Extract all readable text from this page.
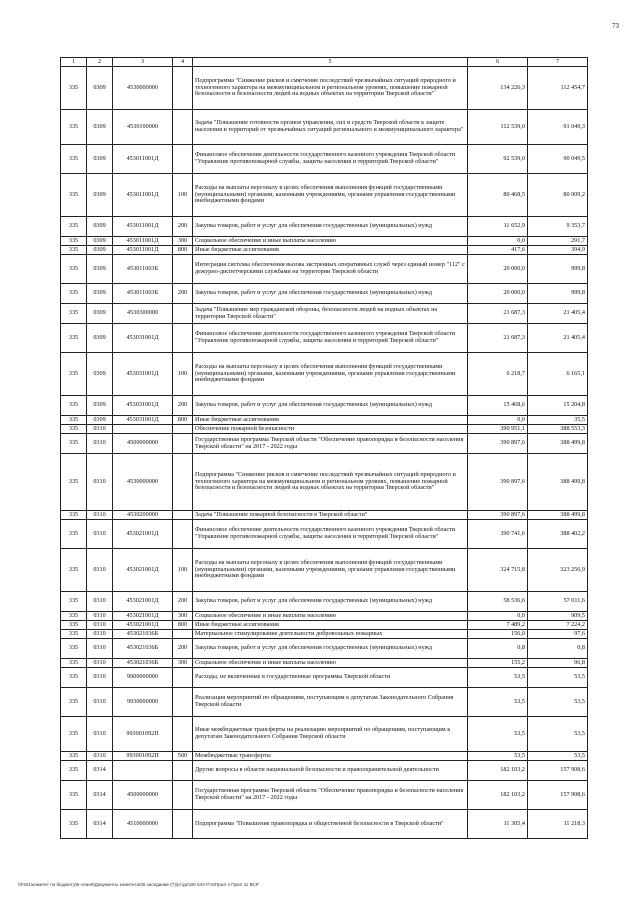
73
1	2	3	4	5	6	7
335	0309	4530000000		Подпрограмма "Снижение рисков и смягчение последствий чрезвычайных ситуаций природного и техногенного характера на межмуниципальном и региональном уровнях, повышение пожарной безопасности и безопасности людей на водных объектах на территории Тверской области"	134 226,3	112 454,7
335	0309	4530100000		Задача "Повышение готовности органов управления, сил и средств Тверской области к защите населения и территорий от чрезвычайных ситуаций регионального и межмуниципального характера"	112 539,0	91 049,3
335	0309	453011001Д		Финансовое обеспечение деятельности государственного казенного учреждения Тверской области "Управление противопожарной службы, защиты населения и территорий Тверской области"	92 539,0	90 049,5
335	0309	453011001Д	100	Расходы на выплаты персоналу в целях обеспечения выполнения функций государственными (муниципальными) органами, казенными учреждениями, органами управления государственными внебюджетными фондами	80 468,5	80 009,2
335	0309	453011001Д	200	Закупка товаров, работ и услуг для обеспечения государственных (муниципальных) нужд	11 652,9	9 353,7
335	0309	453011001Д	300	Социальное обеспечение и иные выплаты населению	0,0	291,7
335	0309	453011001Д	800	Иные бюджетные ассигнования	417,6	394,9
335	0309	453011003Б		Интеграция системы обеспечения вызова экстренных оперативных служб через единый номер "112" с дежурно-диспетчерскими службами на территории Тверской области	20 000,0	999,8
335	0309	453011003Б	200	Закупка товаров, работ и услуг для обеспечения государственных (муниципальных) нужд	20 000,0	999,8
335	0309	4530300000		Задача "Повышение мер гражданской обороны, безопасности людей на водных объектах на территории Тверской области"	21 687,3	21 405,4
335	0309	453031001Д		Финансовое обеспечение деятельности государственного казенного учреждения Тверской области "Управление противопожарной службы, защиты населения и территорий Тверской области"	21 687,3	21 405,4
335	0309	453031001Д	100	Расходы на выплаты персоналу в целях обеспечения выполнения функций государственными (муниципальными) органами, казенными учреждениями, органами управления государственными внебюджетными фондами	6 218,7	6 165,1
335	0309	453031001Д	200	Закупка товаров, работ и услуг для обеспечения государственных (муниципальных) нужд	15 468,6	15 204,8
335	0309	453031001Д	800	Иные бюджетные ассигнования	0,0	35,5
335	0310			Обеспечение пожарной безопасности	390 951,1	388 553,3
335	0310	4500000000		Государственная программа Тверской области "Обеспечение правопорядка и безопасности населения Тверской области" на 2017 - 2022 годы	390 897,6	388 499,8
335	0310	4530000000		Подпрограмма "Снижение рисков и смягчение последствий чрезвычайных ситуаций природного и техногенного характера на межмуниципальном и региональном уровнях, повышение пожарной безопасности и безопасности людей на водных объектах на территории Тверской области"	390 897,6	388 499,8
335	0310	4530200000		Задача "Повышение пожарной безопасности в Тверской области"	390 897,6	388 499,8
335	0310	453021001Д		Финансовое обеспечение деятельности государственного казенного учреждения Тверской области "Управление противопожарной службы, защиты населения и территорий Тверской области"	390 741,6	388 402,2
335	0310	453021001Д	100	Расходы на выплаты персоналу в целях обеспечения выполнения функций государственными (муниципальными) органами, казенными учреждениями, органами управления государственными внебюджетными фондами	324 715,8	323 256,9
335	0310	453021001Д	200	Закупка товаров, работ и услуг для обеспечения государственных (муниципальных) нужд	58 536,6	57 011,6
335	0310	453021001Д	300	Социальное обеспечение и иные выплаты населению	0,0	909,5
335	0310	453021001Д	800	Иные бюджетные ассигнования	7 489,2	7 224,2
335	0310	453021036Б		Материальное стимулирование деятельности добровольных пожарных	156,0	97,6
335	0310	453021036Б	200	Закупка товаров, работ и услуг для обеспечения государственных (муниципальных) нужд	0,8	0,8
335	0310	453021036Б	300	Социальное обеспечение и иные выплаты населению	155,2	96,8
335	0310	9900000000		Расходы, не включенные в государственные программы Тверской области	53,5	53,5
335	0310	9930000000		Реализация мероприятий по обращениям, поступающим к депутатам Законодательного Собрания Тверской области	53,5	53,5
335	0310	993001092П		Иные межбюджетные трансферты на реализацию мероприятий по обращениям, поступающим к депутатам Законодательного Собрания Тверской области	53,5	53,5
335	0310	993001092П	500	Межбюджетные трансферты	53,5	53,5
335	0314			Другие вопросы в области национальной безопасности и правоохранительной деятельности	182 103,2	157 908,6
335	0314	4500000000		Государственная программа Тверской области "Обеспечение правопорядка и безопасности населения Тверской области" на 2017 - 2022 годы	182 103,2	157 908,6
335	0314	4510000000		Подпрограмма "Повышение правопорядка и общественной безопасности в Тверской области"	11 305,4	11 218,3
\\Fs01\комитет по бюджету\Б-сеаня\Документы комитета\38 заседание (7)\рт\дн\28\ 543-П-6\Прил 4 Прил 11 ВСР
